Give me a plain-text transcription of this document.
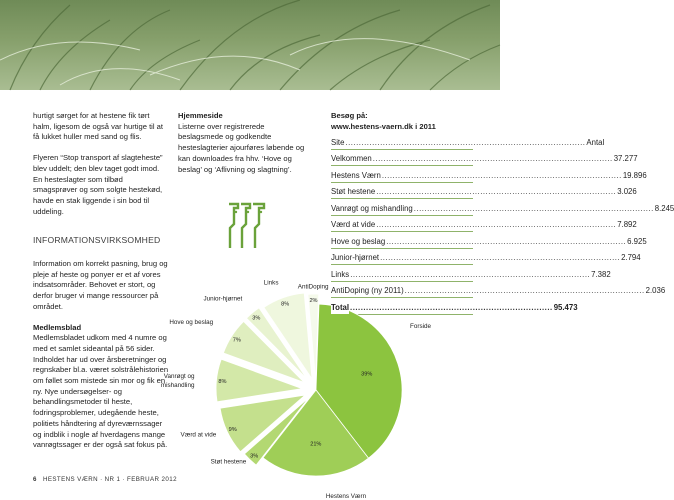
hurtigt sørget for at hestene fik tørt halm, ligesom de også var hurtige til at få lukket huller med sand og flis.

Flyeren “Stop transport af slagteheste” blev uddelt; den blev taget godt imod. En hesteslagter som tilbød smagsprøver og som solgte hestekød, havde en stak liggende i sin bod til uddeling.

INFORMATIONSVIRKSOMHED

Information om korrekt pasning, brug og pleje af heste og ponyer er et af vores indsatsområder. Behovet er stort, og derfor bruger vi mange ressourcer på området.

Medlemsblad

Medlemsbladet udkom med 4 numre og med et samlet sideantal på 56 sider. Indholdet har ud over årsberetninger og regnskaber bl.a. været solstrålehistorien om føllet som mistede sin mor og fik en ny. Nye undersøgelser- og behandlingsmetoder til heste, fodringsproblemer, udegående heste, politiets håndtering af dyreværnssager og indblik i nogle af hverdagens mange vanrøgtssager er der også sat fokus på.

Hjemmeside

Listerne over registrerede beslagsmede og godkendte hesteslagterier ajourføres løbende og kan downloades fra hhv. ‘Hove og beslag’ og ‘Aflivning og slagtning’.

Besøg på:
www.hestens-vaern.dk i 2011
Site .......................................................................................... Antal
Velkommen .......................................................................................... 37.277
Hestens Værn .......................................................................................... 19.896
Støt hestene .......................................................................................... 3.026
Vanrøgt og mishandling .......................................................................................... 8.245
Værd at vide .......................................................................................... 7.892
Hove og beslag .......................................................................................... 6.925
Junior-hjørnet .......................................................................................... 2.794
Links .......................................................................................... 7.382
AntiDoping (ny 2011) .......................................................................................... 2.036
Total ............................................................................ 95.473
39%
Forside
21%
Hestens Værn
3%
Støt hestene
9%
Værd at vide
8%
Vanrøgt og mishandling
7%
Hove og beslag
3%
Junior-hjørnet
8%
Links
2%
AntiDoping
6 HESTENS VÆRN · NR 1 · FEBRUAR 2012
